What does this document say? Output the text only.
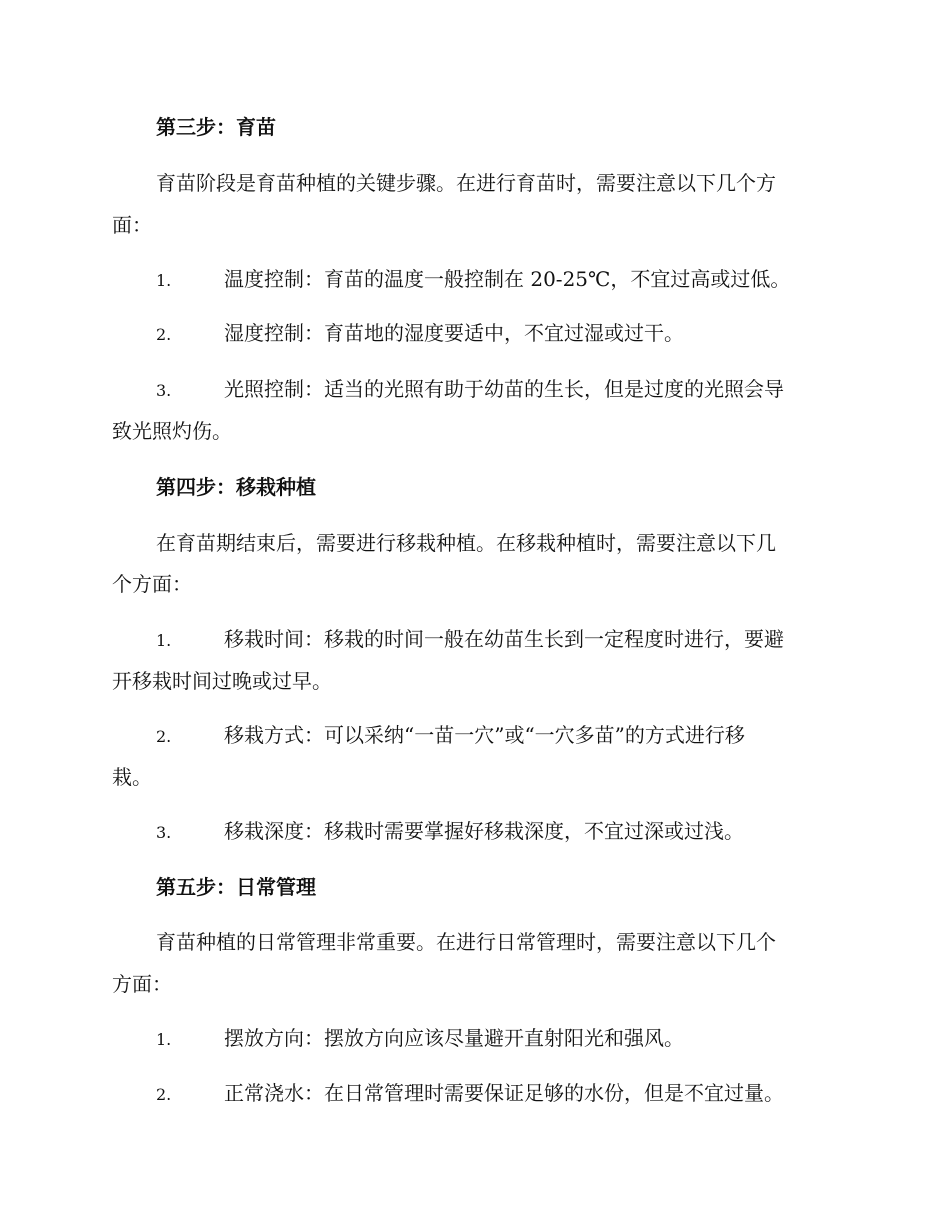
第三步：育苗
育苗阶段是育苗种植的关键步骤。在进行育苗时，需要注意以下几个方
面：
1.	温度控制：育苗的温度一般控制在 20-25℃，不宜过高或过低。
2.	湿度控制：育苗地的湿度要适中，不宜过湿或过干。
3.	光照控制：适当的光照有助于幼苗的生长，但是过度的光照会导
致光照灼伤。
第四步：移栽种植
在育苗期结束后，需要进行移栽种植。在移栽种植时，需要注意以下几
个方面：
1.	移栽时间：移栽的时间一般在幼苗生长到一定程度时进行，要避
开移栽时间过晚或过早。
2.	移栽方式：可以采纳“一苗一穴”或“一穴多苗”的方式进行移
栽。
3.	移栽深度：移栽时需要掌握好移栽深度，不宜过深或过浅。
第五步：日常管理
育苗种植的日常管理非常重要。在进行日常管理时，需要注意以下几个
方面：
1.	摆放方向：摆放方向应该尽量避开直射阳光和强风。
2.	正常浇水：在日常管理时需要保证足够的水份，但是不宜过量。
